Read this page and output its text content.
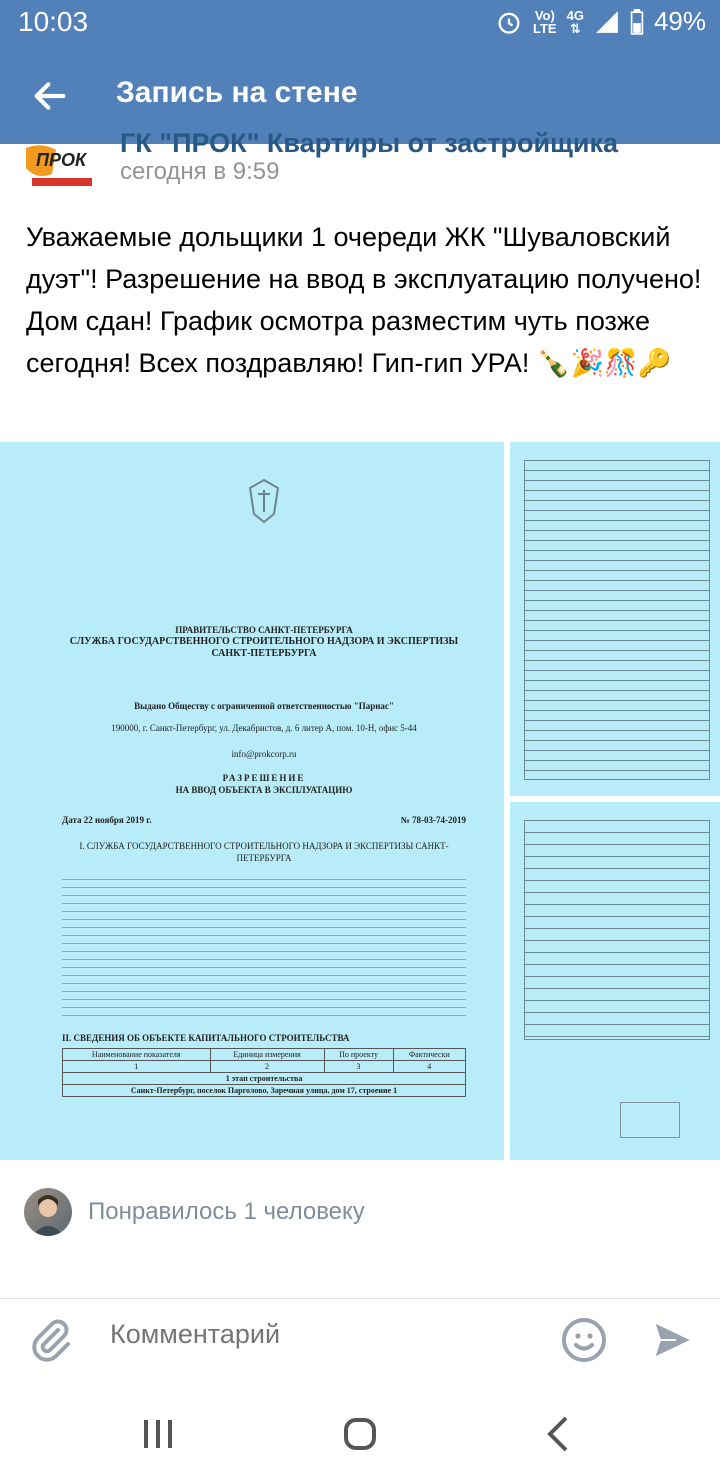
10:03	Vo)
LTE
4G
⇅	49%
Запись на стене
ПРОК
ГК "ПРОК" Квартиры от застройщика
сегодня в 9:59
Уважаемые дольщики 1 очереди ЖК "Шуваловский дуэт"! Разрешение на ввод в эксплуатацию получено! Дом сдан! График осмотра разместим чуть позже сегодня! Всех поздравляю! Гип-гип УРА! 🍾🎉🎊🔑
ПРАВИТЕЛЬСТВО САНКТ-ПЕТЕРБУРГА
СЛУЖБА ГОСУДАРСТВЕННОГО СТРОИТЕЛЬНОГО НАДЗОРА И ЭКСПЕРТИЗЫ САНКТ-ПЕТЕРБУРГА
Выдано Обществу с ограниченной ответственностью "Парнас"
190000, г. Санкт-Петербург, ул. Декабристов, д. 6 литер А, пом. 10-Н, офис 5-44
info@prokcorp.ru
РАЗРЕШЕНИЕ
НА ВВОД ОБЪЕКТА В ЭКСПЛУАТАЦИЮ
Дата 22 ноября 2019 г.	№ 78-03-74-2019
I. СЛУЖБА ГОСУДАРСТВЕННОГО СТРОИТЕЛЬНОГО НАДЗОРА И ЭКСПЕРТИЗЫ САНКТ-ПЕТЕРБУРГА
II. СВЕДЕНИЯ ОБ ОБЪЕКТЕ КАПИТАЛЬНОГО СТРОИТЕЛЬСТВА
Наименование показателя	Единица измерения	По проекту	Фактически
1	2	3	4
1 этап строительства			
Санкт-Петербург, поселок Парголово, Заречная улица, дом 17, строение 1			
Понравилось 1 человеку
Комментарий
